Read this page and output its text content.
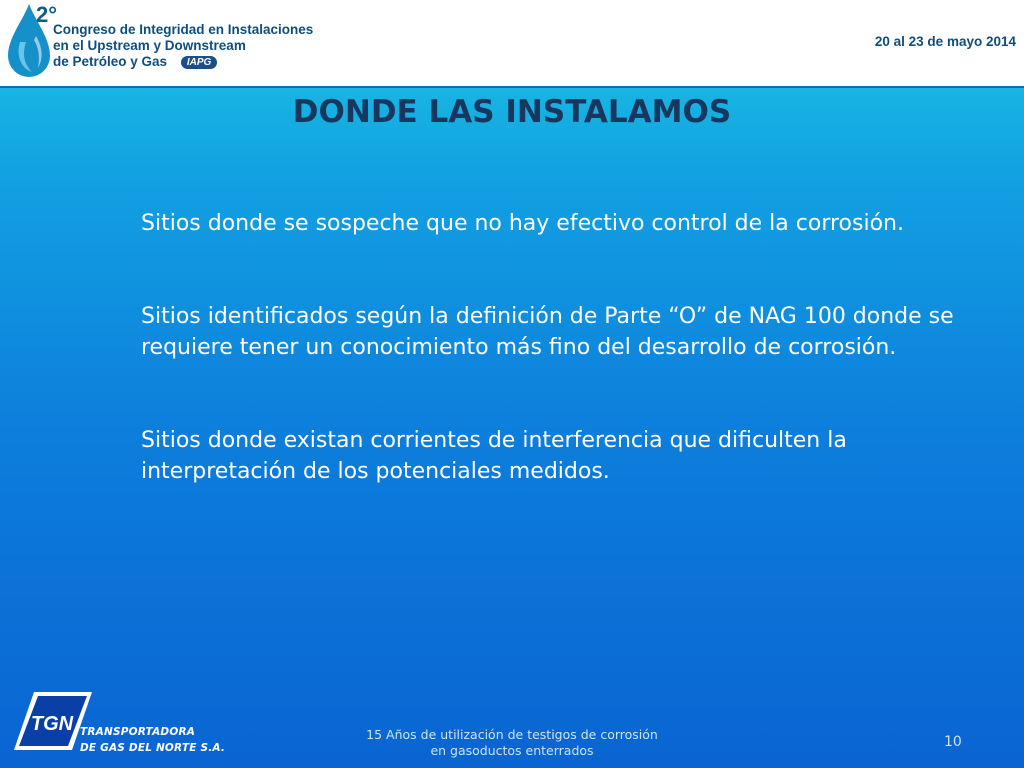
2°
Congreso de Integridad en Instalaciones
en el Upstream y Downstream
de Petróleo y Gas IAPG
20 al 23 de mayo 2014
DONDE LAS INSTALAMOS

Sitios donde se sospeche que no hay efectivo control de la corrosión.

Sitios identificados según la definición de Parte “O” de NAG 100 donde se requiere tener un conocimiento más fino del desarrollo de corrosión.

Sitios donde existan corrientes de interferencia que dificulten la interpretación de los potenciales medidos.

TGN TRANSPORTADORA
DE GAS DEL NORTE S.A.
15 Años de utilización de testigos de corrosión
en gasoductos enterrados
10
